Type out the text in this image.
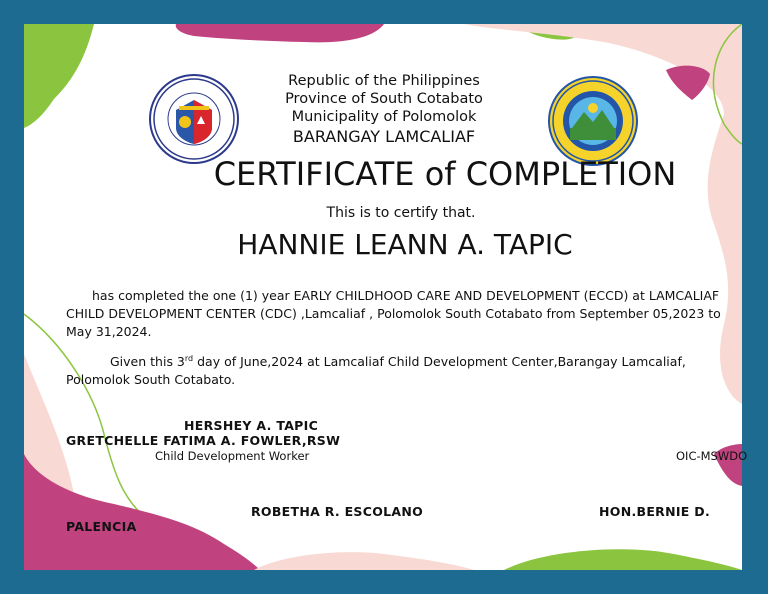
Republic of the Philippines
Province of South Cotabato
Municipality of Polomolok
BARANGAY LAMCALIAF
CERTIFICATE of COMPLETION
This is to certify that.
HANNIE LEANN A. TAPIC
has completed the one (1) year EARLY CHILDHOOD CARE AND DEVELOPMENT (ECCD) at LAMCALIAF CHILD DEVELOPMENT CENTER (CDC) ,Lamcaliaf , Polomolok South Cotabato from September 05,2023 to May 31,2024.
Given this 3rd day of June,2024 at Lamcaliaf Child Development Center,Barangay Lamcaliaf, Polomolok South Cotabato.
HERSHEY A. TAPIC
GRETCHELLE FATIMA A. FOWLER,RSW
Child Development Worker	OIC-MSWDO
ROBETHA R. ESCOLANO	HON.BERNIE D.
PALENCIA
